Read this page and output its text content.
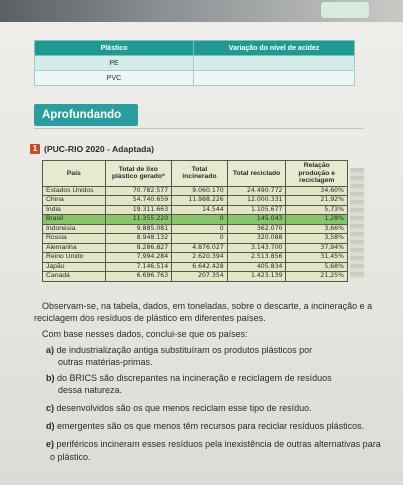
Plástico	Variação do nível de acidez
PE	
PVC	
Aprofundando
1 (PUC-RIO 2020 - Adaptada)
País	Total de lixo plástico gerado*	Total incinerado	Total reciclado	Relação produção e reciclagem
Estados Unidos	70.782.577	9.060.170	24.490.772	34,60%
China	54.740.659	11.988.226	12.000.331	21,92%
Índia	19.311.663	14.544	1.105.677	5,73%
Brasil	11.355.220	0	145.043	1,28%
Indonésia	9.885.081	0	362.070	3,66%
Rússia	8.948.132	0	320.088	3,58%
Alemanha	8.286.827	4.876.027	3.143.700	37,94%
Reino Unido	7.994.284	2.620.394	2.513.856	31,45%
Japão	7.146.514	6.642.428	405.834	5,68%
Canadá	6.696.763	207.354	1.423.139	21,25%
Observam-se, na tabela, dados, em toneladas, sobre o descarte, a incineração e a
reciclagem dos resíduos de plástico em diferentes países.
Com base nesses dados, conclui-se que os países:
a) de industrialização antiga substituíram os produtos plásticos por
outras matérias-primas.
b) do BRICS são discrepantes na incineração e reciclagem de resíduos
dessa natureza.
c) desenvolvidos são os que menos reciclam esse tipo de resíduo.
d) emergentes são os que menos têm recursos para reciclar resíduos plásticos.
e) periféricos incineram esses resíduos pela inexistência de outras alternativas para
o plástico.
